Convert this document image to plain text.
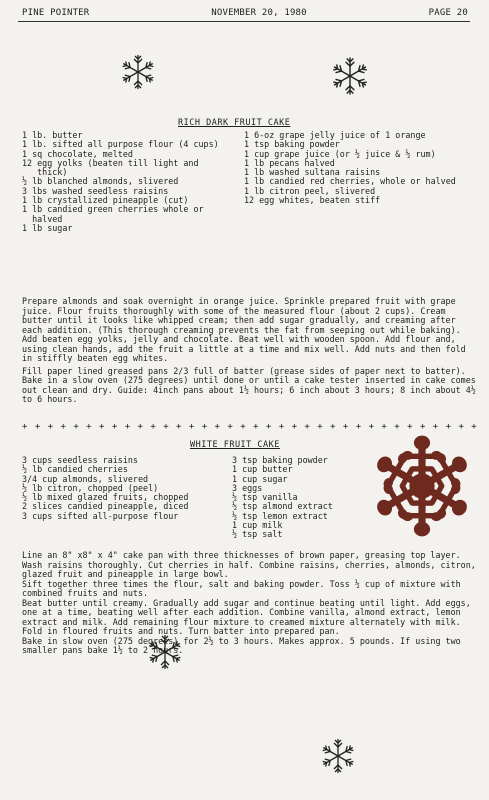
PINE POINTER	NOVEMBER 20, 1980	PAGE 20
RICH DARK FRUIT CAKE
1 lb. butter
1 lb. sifted all purpose flour (4 cups)
1 sq chocolate, melted
12 egg yolks (beaten till light and thick)
½ lb blanched almonds, slivered
3 lbs washed seedless raisins
1 lb crystallized pineapple (cut)
1 lb candied green cherries whole or halved
1 lb sugar
1 6-oz grape jelly juice of 1 orange
1 tsp baking powder
1 cup grape juice (or ½ juice & ½ rum)
1 lb pecans halved
1 lb washed sultana raisins
1 lb candied red cherries, whole or halved
1 lb citron peel, slivered
12 egg whites, beaten stiff

Prepare almonds and soak overnight in orange juice. Sprinkle prepared fruit with grape juice. Flour fruits thoroughly with some of the measured flour (about 2 cups). Cream butter until it looks like whipped cream; then add sugar gradually, and creaming after each addition. (This thorough creaming prevents the fat from seeping out while baking). Add beaten egg yolks, jelly and chocolate. Beat well with wooden spoon. Add flour and, using clean hands, add the fruit a little at a time and mix well. Add nuts and then fold in stiffly beaten egg whites.

Fill paper lined greased pans 2/3 full of batter (grease sides of paper next to batter). Bake in a slow oven (275 degrees) until done or until a cake tester inserted in cake comes out clean and dry. Guide: 4inch pans about 1½ hours; 6 inch about 3 hours; 8 inch about 4½ to 6 hours.

+ + + + + + + + + + + + + + + + + + + + + + + + + + + + + + + + + + + +
WHITE FRUIT CAKE
3 cups seedless raisins
½ lb candied cherries
3/4 cup almonds, slivered
½ lb citron, chopped (peel)
½ lb mixed glazed fruits, chopped
2 slices candied pineapple, diced
3 cups sifted all-purpose flour
3 tsp baking powder
1 cup butter
1 cup sugar
3 eggs
½ tsp vanilla
½ tsp almond extract
½ tsp lemon extract
1 cup milk
½ tsp salt

Line an 8" x8" x 4" cake pan with three thicknesses of brown paper, greasing top layer. Wash raisins thoroughly. Cut cherries in half. Combine raisins, cherries, almonds, citron, glazed fruit and pineapple in large bowl.

Sift together three times the flour, salt and baking powder. Toss ½ cup of mixture with combined fruits and nuts.

Beat butter until creamy. Gradually add sugar and continue beating until light. Add eggs, one at a time, beating well after each addition. Combine vanilla, almond extract, lemon extract and milk. Add remaining flour mixture to creamed mixture alternately with milk. Fold in floured fruits and nuts. Turn batter into prepared pan.

Bake in slow oven (275 degrees) for 2½ to 3 hours. Makes approx. 5 pounds. If using two smaller pans bake 1½ to 2 hours.
